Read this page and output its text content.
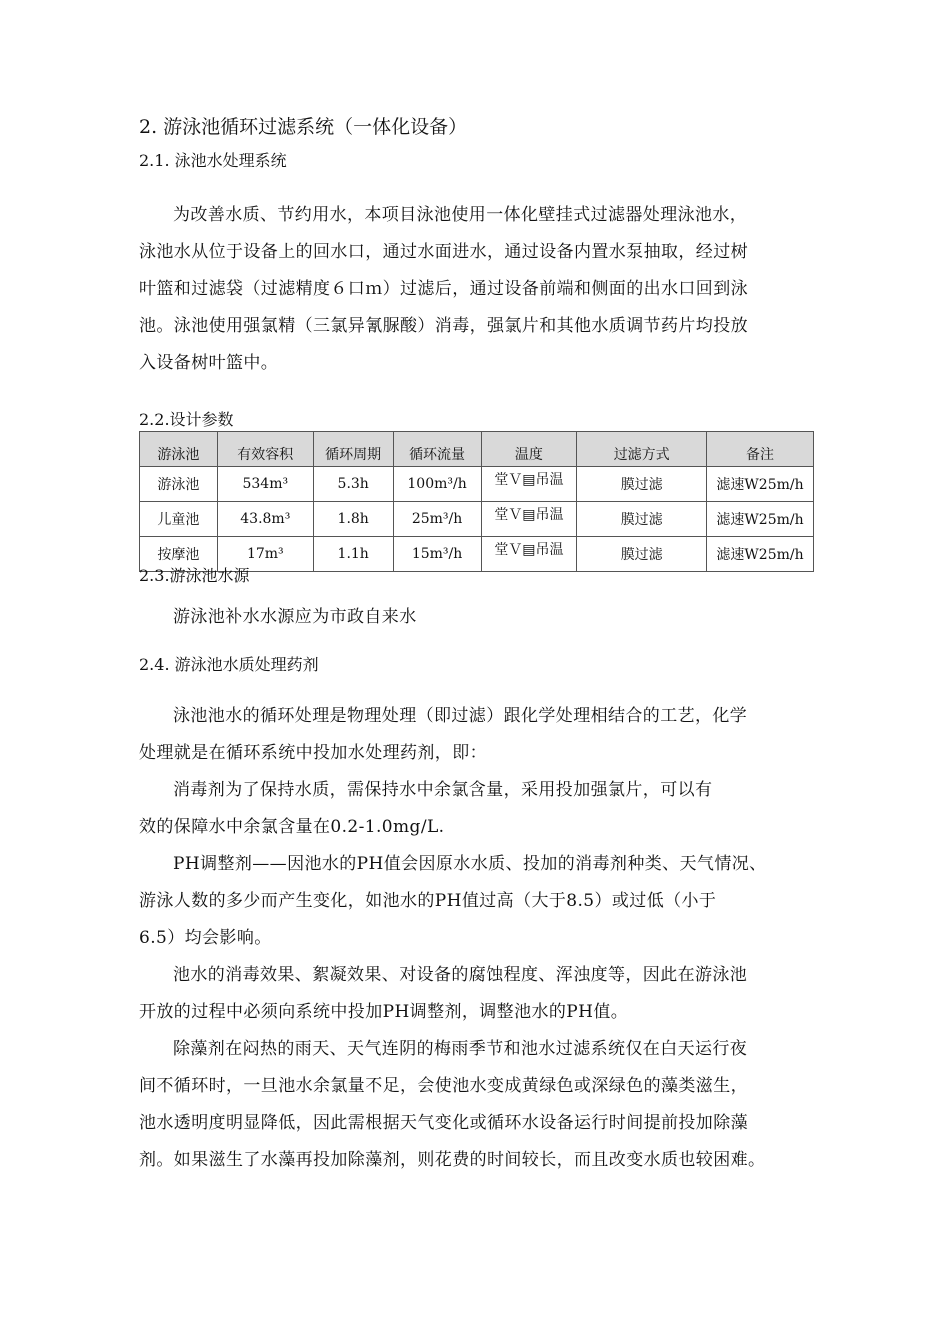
2. 游泳池循环过滤系统（一体化设备）
2.1. 泳池水处理系统
为改善水质、节约用水，本项目泳池使用一体化壁挂式过滤器处理泳池水，
泳池水从位于设备上的回水口，通过水面进水，通过设备内置水泵抽取，经过树
叶篮和过滤袋（过滤精度６口ｍ）过滤后，通过设备前端和侧面的出水口回到泳
池。泳池使用强氯精（三氯异氰脲酸）消毒，强氯片和其他水质调节药片均投放
入设备树叶篮中。
2.2.设计参数
游泳池	有效容积	循环周期	循环流量	温度	过滤方式	备注
游泳池	534m³	5.3h	100m³/h	堂Ｖ▤吊温	膜过滤	滤速W25m/h
儿童池	43.8m³	1.8h	25m³/h	堂Ｖ▤吊温	膜过滤	滤速W25m/h
按摩池	17m³	1.1h	15m³/h	堂Ｖ▤吊温	膜过滤	滤速W25m/h
2.3.游泳池水源
游泳池补水水源应为市政自来水
2.4. 游泳池水质处理药剂
泳池池水的循环处理是物理处理（即过滤）跟化学处理相结合的工艺，化学
处理就是在循环系统中投加水处理药剂，即：
消毒剂为了保持水质，需保持水中余氯含量，采用投加强氯片，可以有
效的保障水中余氯含量在0.2-1.0mg/L.
PH调整剂——因池水的PH值会因原水水质、投加的消毒剂种类、天气情况、
游泳人数的多少而产生变化，如池水的PH值过高（大于8.5）或过低（小于
6.5）均会影响。
池水的消毒效果、絮凝效果、对设备的腐蚀程度、浑浊度等，因此在游泳池
开放的过程中必须向系统中投加PH调整剂，调整池水的PH值。
除藻剂在闷热的雨天、天气连阴的梅雨季节和池水过滤系统仅在白天运行夜
间不循环时，一旦池水余氯量不足，会使池水变成黄绿色或深绿色的藻类滋生，
池水透明度明显降低，因此需根据天气变化或循环水设备运行时间提前投加除藻
剂。如果滋生了水藻再投加除藻剂，则花费的时间较长，而且改变水质也较困难。
